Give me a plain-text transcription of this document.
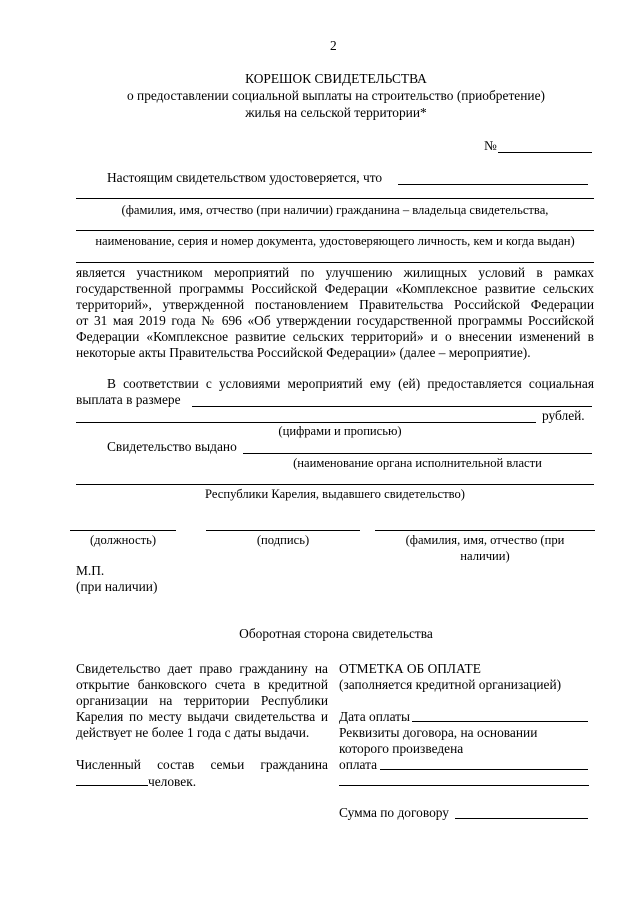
2
КОРЕШОК СВИДЕТЕЛЬСТВА
о предоставлении социальной выплаты на строительство (приобретение)
жилья на сельской территории*
№
Настоящим свидетельством удостоверяется, что
(фамилия, имя, отчество (при наличии) гражданина – владельца свидетельства,
наименование, серия и номер документа, удостоверяющего личность, кем и когда выдан)
является участником мероприятий по улучшению жилищных условий в рамках
государственной программы Российской Федерации «Комплексное развитие сельских
территорий», утвержденной постановлением Правительства Российской Федерации
от 31 мая 2019 года № 696 «Об утверждении государственной программы Российской
Федерации «Комплексное развитие сельских территорий» и о внесении изменений в
некоторые акты Правительства Российской Федерации» (далее – мероприятие).
В соответствии с условиями мероприятий ему (ей) предоставляется социальная
выплата в размере
рублей.
(цифрами и прописью)
Свидетельство выдано
(наименование органа исполнительной власти
Республики Карелия, выдавшего свидетельство)
(должность)	(подпись)	(фамилия, имя, отчество (при
наличии)
М.П.
(при наличии)
Оборотная сторона свидетельства
Свидетельство дает право гражданину на
открытие банковского счета в кредитной
организации на территории Республики
Карелия по месту выдачи свидетельства и
действует не более 1 года с даты выдачи.
Численный состав семьи гражданина
человек.
ОТМЕТКА ОБ ОПЛАТЕ
(заполняется кредитной организацией)
Дата оплаты
Реквизиты договора, на основании
которого произведена
оплата
Сумма по договору
